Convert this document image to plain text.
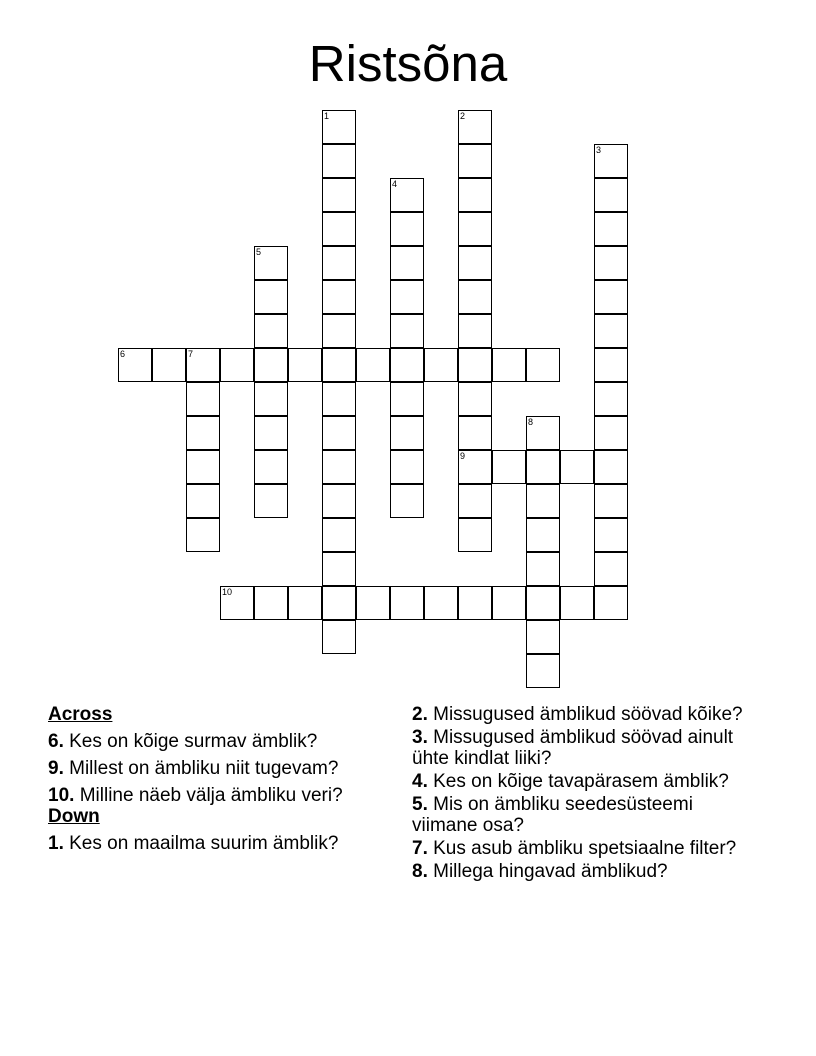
Ristsõna
1	2
9
3
4
5
6	7
8
10
Across
6. Kes on kõige surmav ämblik?
9. Millest on ämbliku niit tugevam?
10. Milline näeb välja ämbliku veri?
Down
1. Kes on maailma suurim ämblik?
2. Missugused ämblikud söövad kõike?
3. Missugused ämblikud söövad ainult ühte kindlat liiki?
4. Kes on kõige tavapärasem ämblik?
5. Mis on ämbliku seedesüsteemi viimane osa?
7. Kus asub ämbliku spetsiaalne filter?
8. Millega hingavad ämblikud?
